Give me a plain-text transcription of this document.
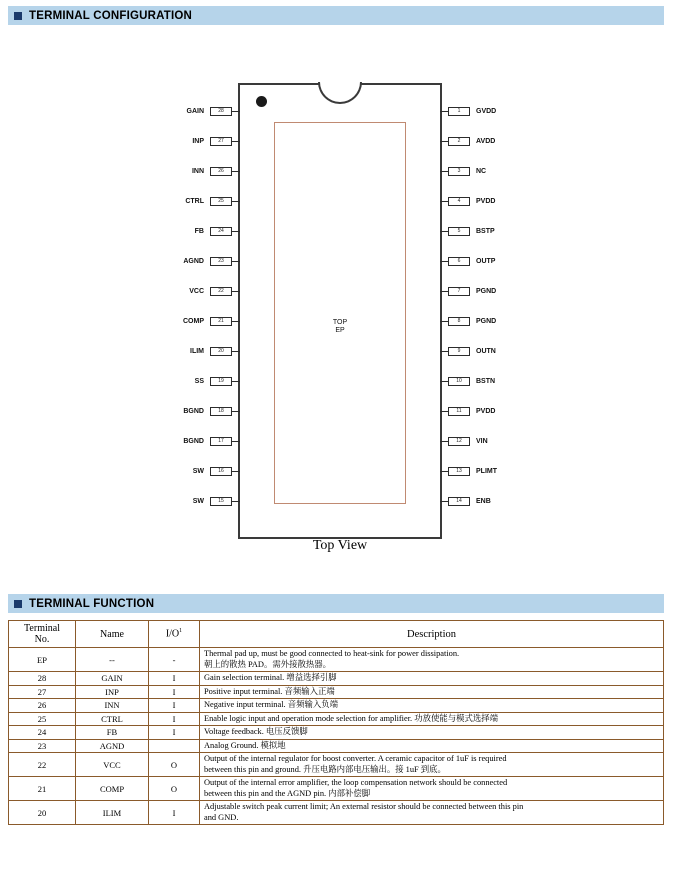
TERMINAL CONFIGURATION
TOP
EP
GAIN	28
INP	27
INN	26
CTRL	25
FB	24
AGND	23
VCC	22
COMP	21
ILIM	20
SS	19
BGND	18
BGND	17
SW	16
SW	15
1	GVDD
2	AVDD
3	NC
4	PVDD
5	BSTP
6	OUTP
7	PGND
8	PGND
9	OUTN
10	BSTN
11	PVDD
12	VIN
13	PLIMT
14	ENB
Top View
TERMINAL FUNCTION
Terminal
No.	Name	$I/O^1$	Description
EP	--	-	Thermal pad up, must be good connected to heat-sink for power dissipation.
朝上的散热 PAD。需外接散热器。

28	GAIN	I	Gain selection terminal. 增益选择引脚
27	INP	I	Positive input terminal. 音频输入正端
26	INN	I	Negative input terminal. 音频输入负端
25	CTRL	I	Enable logic input and operation mode selection for amplifier. 功放使能与模式选择端
24	FB	I	Voltage feedback. 电压反馈脚
23	AGND		Analog Ground. 模拟地
22	VCC	O	Output of the internal regulator for boost converter. A ceramic capacitor of 1uF is required
between this pin and ground. 升压电路内部电压输出。接 1uF 到底。

21	COMP	O	Output of the internal error amplifier, the loop compensation network should be connected
between this pin and the AGND pin. 内部补偿脚

20	ILIM	I	Adjustable switch peak current limit; An external resistor should be connected between this pin
and GND.
